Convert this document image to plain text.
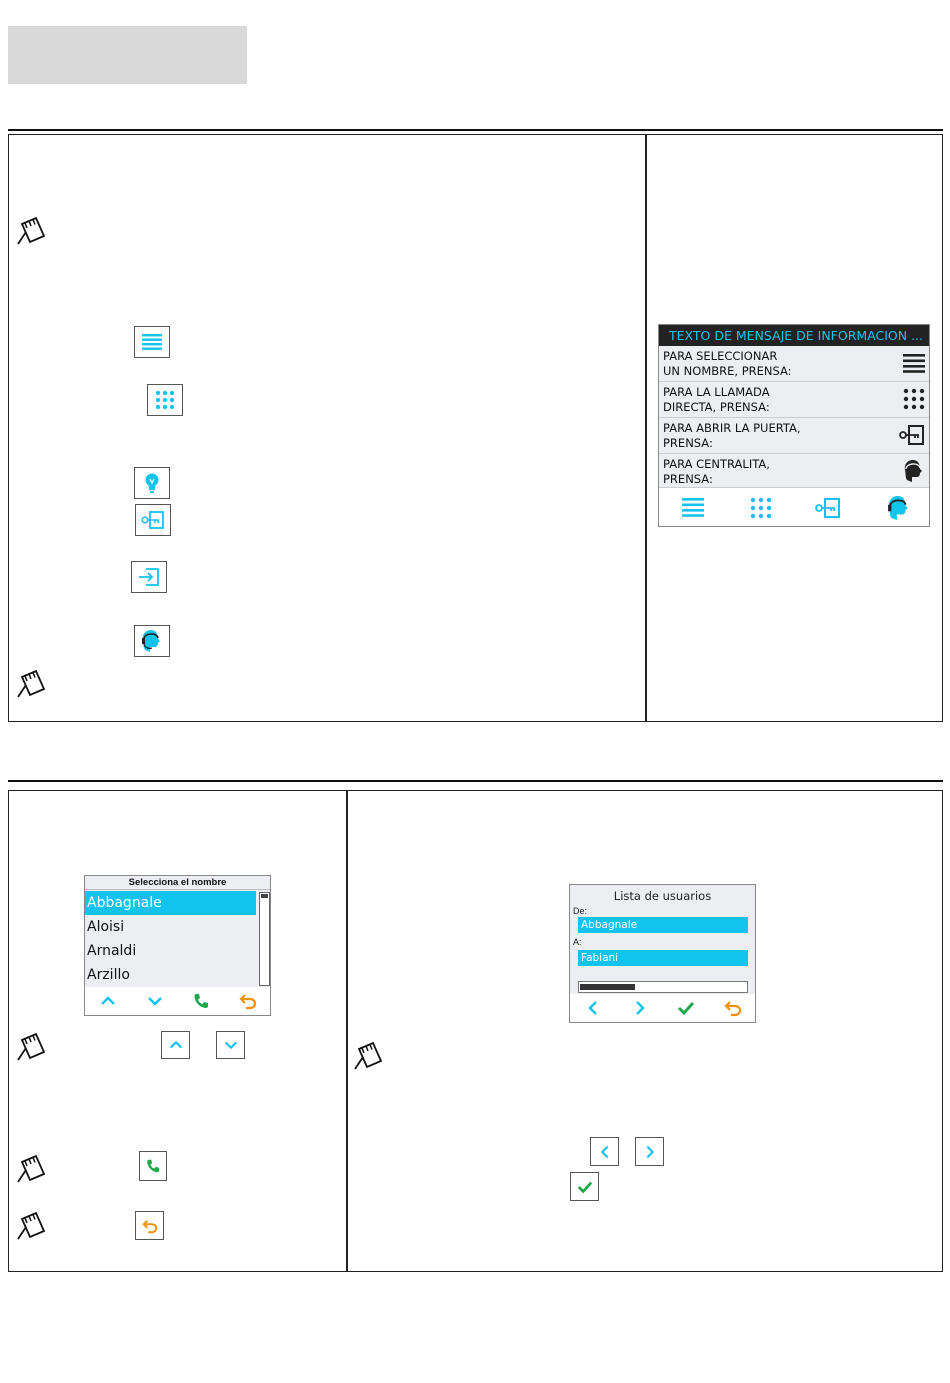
TEXTO DE MENSAJE DE INFORMACION ...
PARA SELECCIONAR
UN NOMBRE, PRENSA:
PARA LA LLAMADA
DIRECTA, PRENSA:
PARA ABRIR LA PUERTA,
PRENSA:
PARA CENTRALITA,
PRENSA:
Selecciona el nombre
Abbagnale
Aloisi
Arnaldi
Arzillo
Lista de usuarios
De:
Abbagnale
A:
Fabiani
